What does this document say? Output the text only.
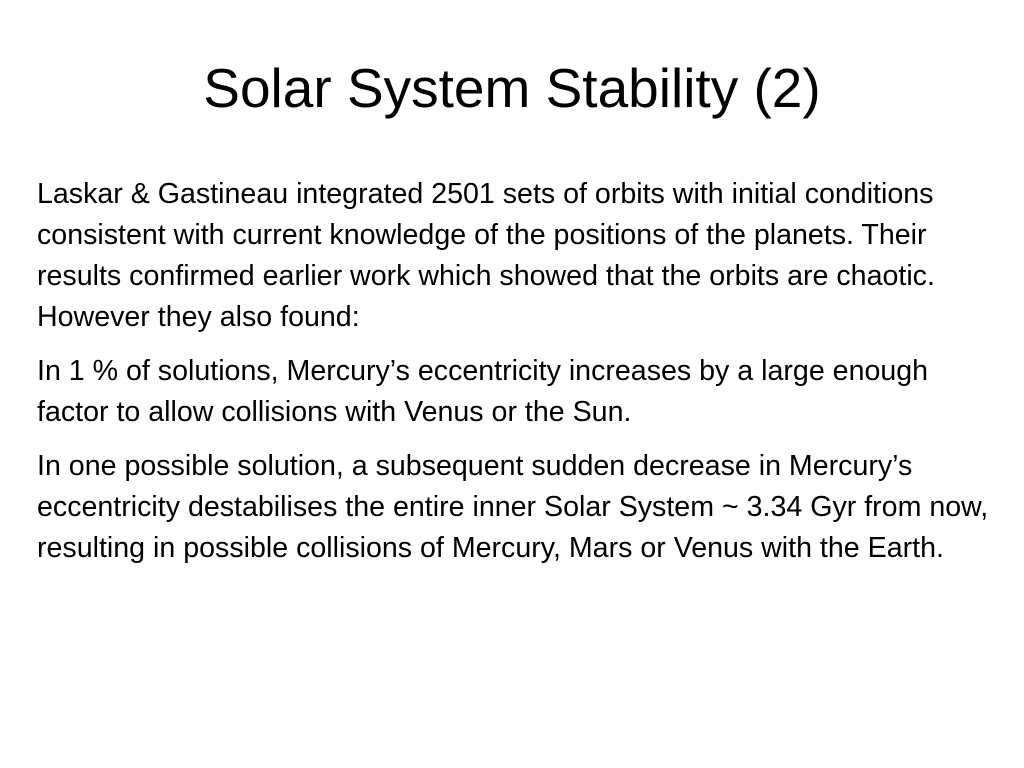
Solar System Stability (2)

Laskar & Gastineau integrated 2501 sets of orbits with initial conditions consistent with current knowledge of the positions of the planets. Their results confirmed earlier work which showed that the orbits are chaotic. However they also found:

In 1 % of solutions, Mercury’s eccentricity increases by a large enough factor to allow collisions with Venus or the Sun.

In one possible solution, a subsequent sudden decrease in Mercury’s eccentricity destabilises the entire inner Solar System ~ 3.34 Gyr from now, resulting in possible collisions of Mercury, Mars or Venus with the Earth.
